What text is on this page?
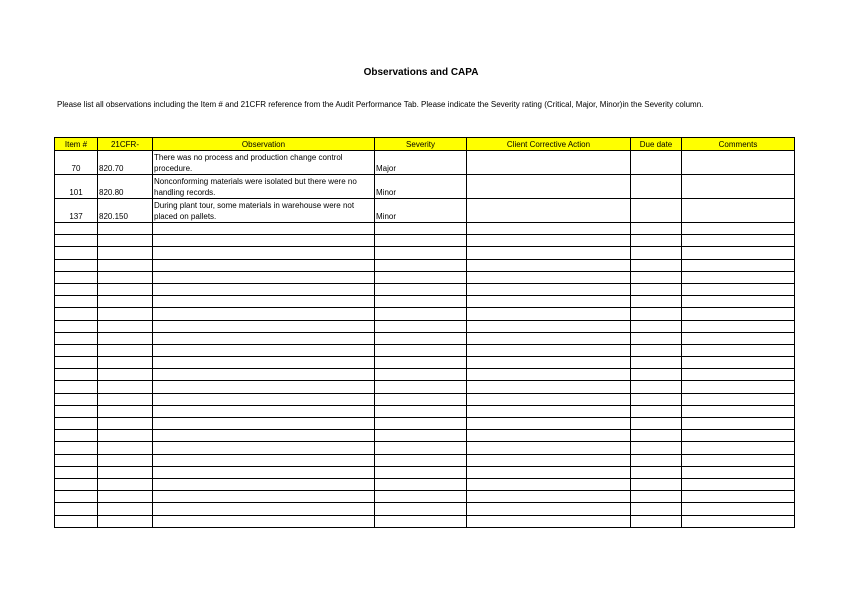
Observations and CAPA
Please list all observations including the Item # and 21CFR reference from the Audit Performance Tab. Please indicate the Severity rating (Critical, Major, Minor)in the Severity column.
Item #	21CFR-	Observation	Severity	Client Corrective Action	Due date	Comments
70	820.70	There was no process and production change control procedure.	Major			
101	820.80	Nonconforming materials were isolated but there were no handling records.	Minor			
137	820.150	During plant tour, some materials in warehouse were not placed on pallets.	Minor			
